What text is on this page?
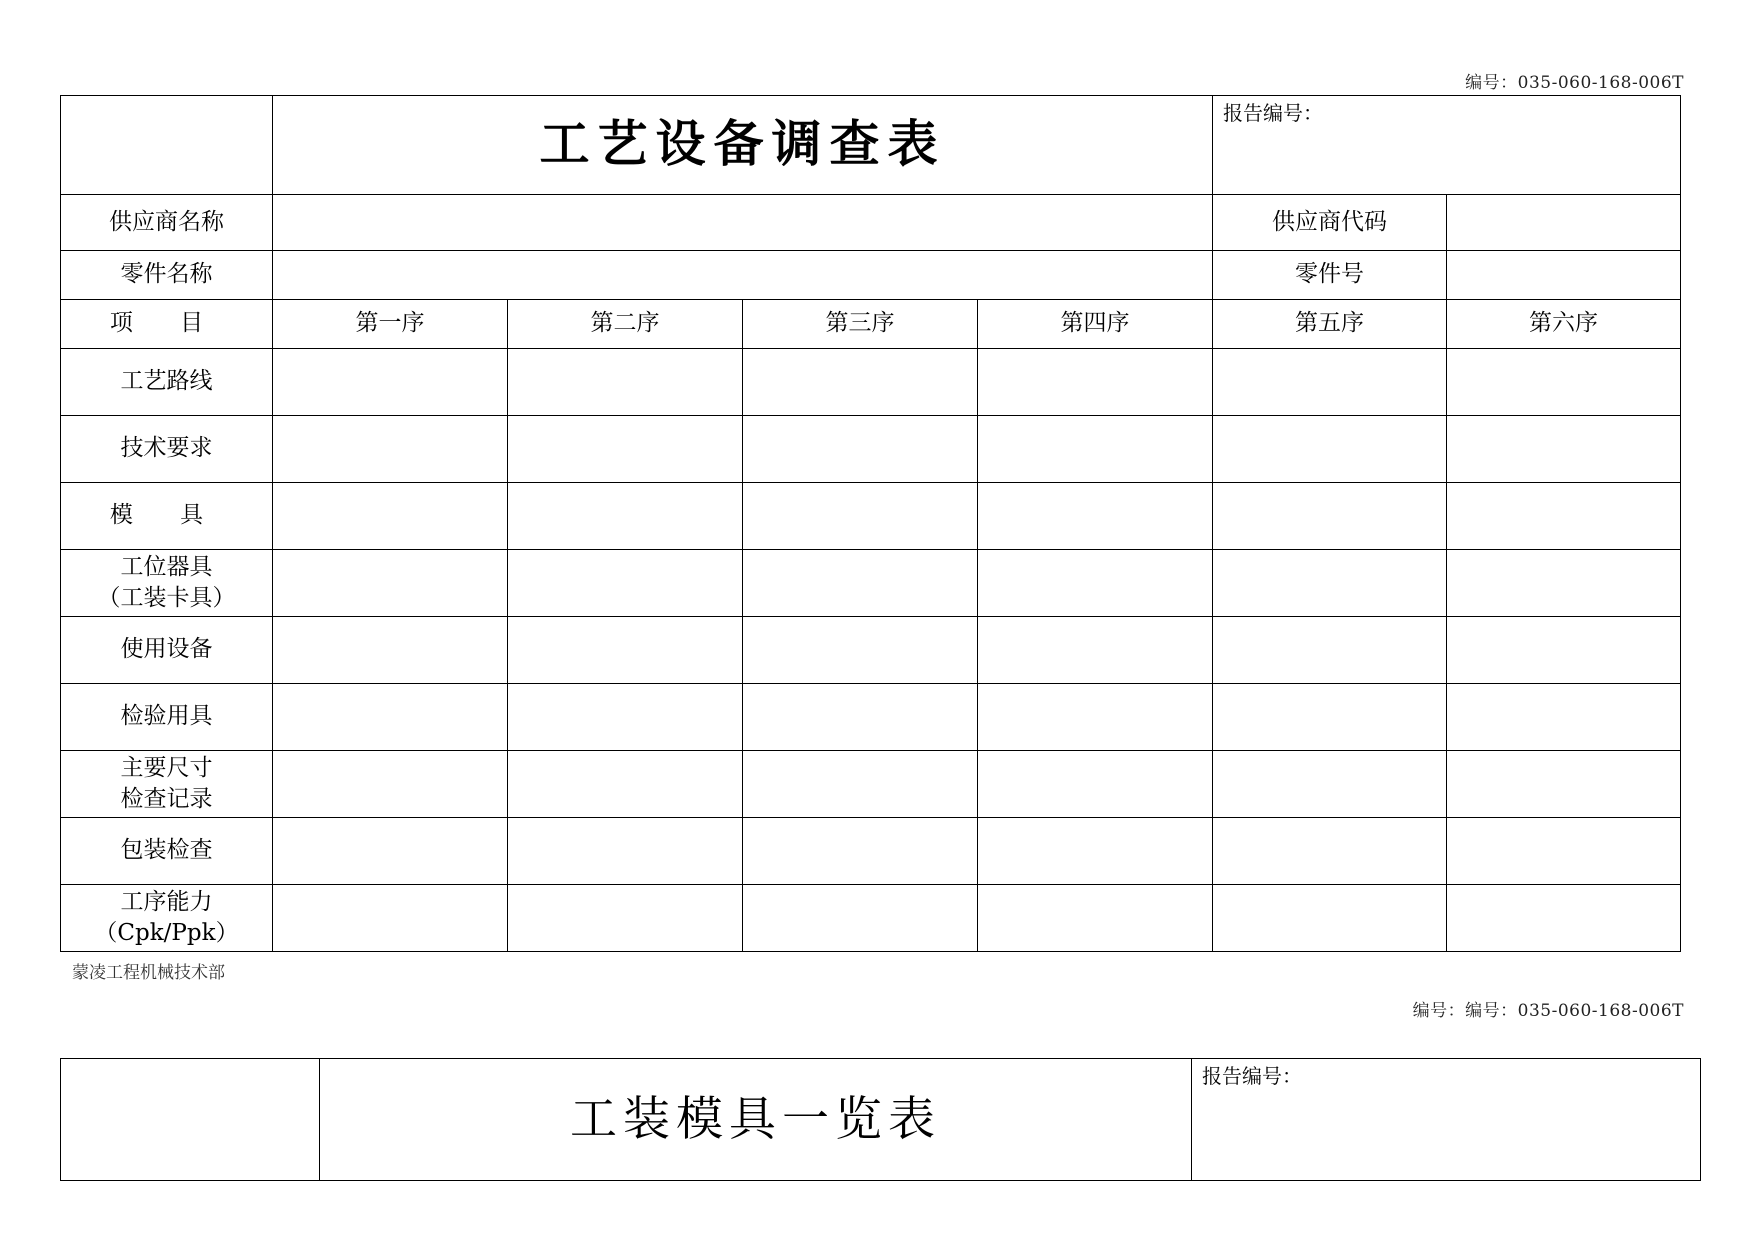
编号：035-060-168-006T
	工艺设备调查表				报告编号：	
供应商名称					供应商代码	
零件名称					零件号	
项 目	第一序	第二序	第三序	第四序	第五序	第六序

工艺路线						

技术要求						

模 具						

工位器具
（工装卡具）						

使用设备						

检验用具						

主要尺寸
检查记录						

包装检查						

工序能力
（Cpk/Ppk）						

蒙凌工程机械技术部
编号：编号：035-060-168-006T
	工装模具一览表	报告编号：
